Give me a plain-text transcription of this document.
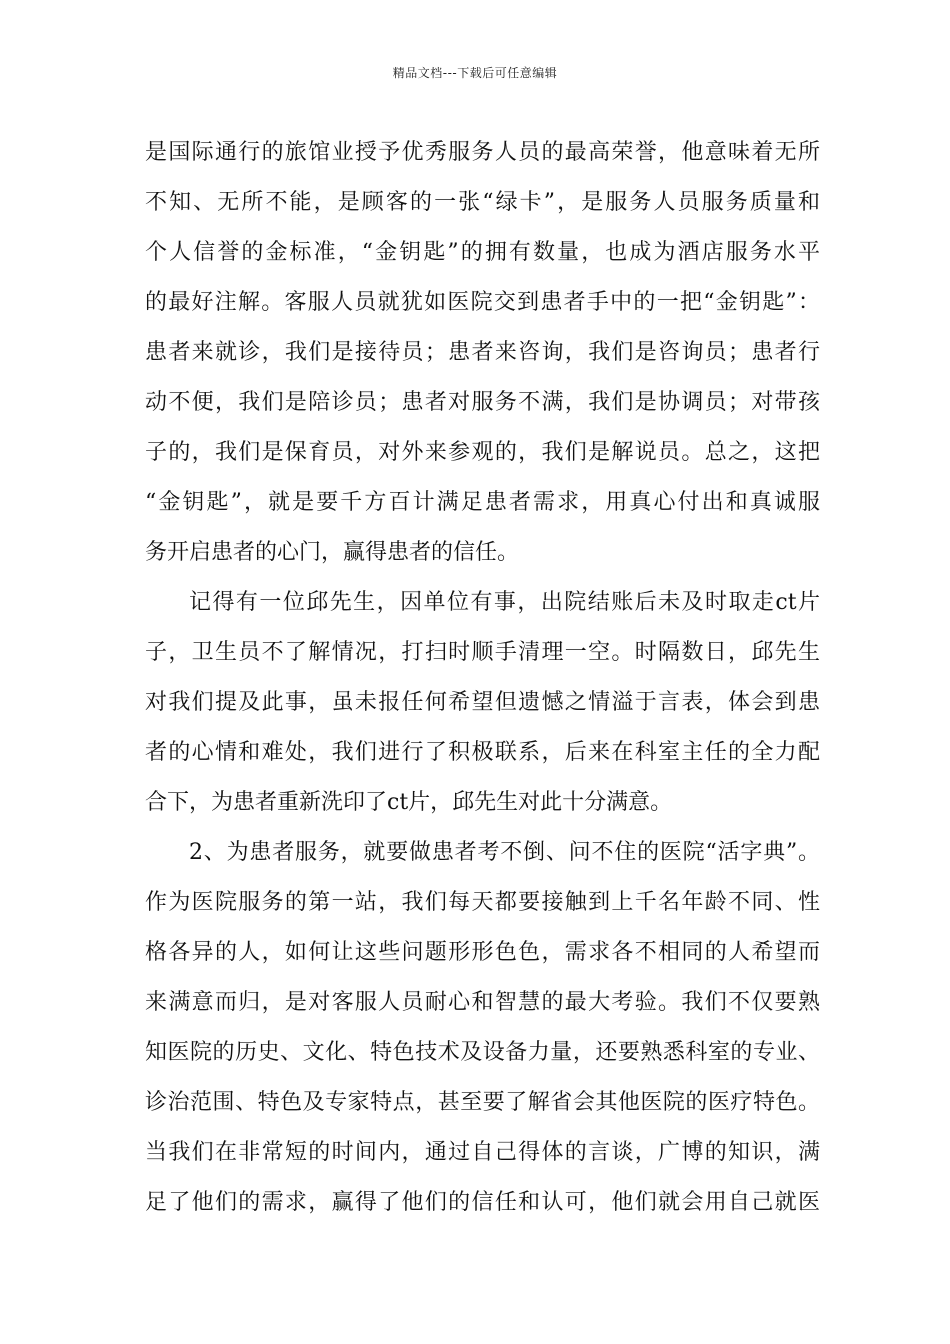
精品文档---下载后可任意编辑
是国际通行的旅馆业授予优秀服务人员的最高荣誉，他意味着无所
不知、无所不能，是顾客的一张“绿卡”，是服务人员服务质量和
个人信誉的金标准，“金钥匙”的拥有数量，也成为酒店服务水平
的最好注解。客服人员就犹如医院交到患者手中的一把“金钥匙”：
患者来就诊，我们是接待员；患者来咨询，我们是咨询员；患者行
动不便，我们是陪诊员；患者对服务不满，我们是协调员；对带孩
子的，我们是保育员，对外来参观的，我们是解说员。总之，这把
“金钥匙”，就是要千方百计满足患者需求，用真心付出和真诚服
务开启患者的心门，赢得患者的信任。
记得有一位邱先生，因单位有事，出院结账后未及时取走ct片
子，卫生员不了解情况，打扫时顺手清理一空。时隔数日，邱先生
对我们提及此事，虽未报任何希望但遗憾之情溢于言表，体会到患
者的心情和难处，我们进行了积极联系，后来在科室主任的全力配
合下，为患者重新洗印了ct片，邱先生对此十分满意。
2、为患者服务，就要做患者考不倒、问不住的医院“活字典”。
作为医院服务的第一站，我们每天都要接触到上千名年龄不同、性
格各异的人，如何让这些问题形形色色，需求各不相同的人希望而
来满意而归，是对客服人员耐心和智慧的最大考验。我们不仅要熟
知医院的历史、文化、特色技术及设备力量，还要熟悉科室的专业、
诊治范围、特色及专家特点，甚至要了解省会其他医院的医疗特色。
当我们在非常短的时间内，通过自己得体的言谈，广博的知识，满
足了他们的需求，赢得了他们的信任和认可，他们就会用自己就医
